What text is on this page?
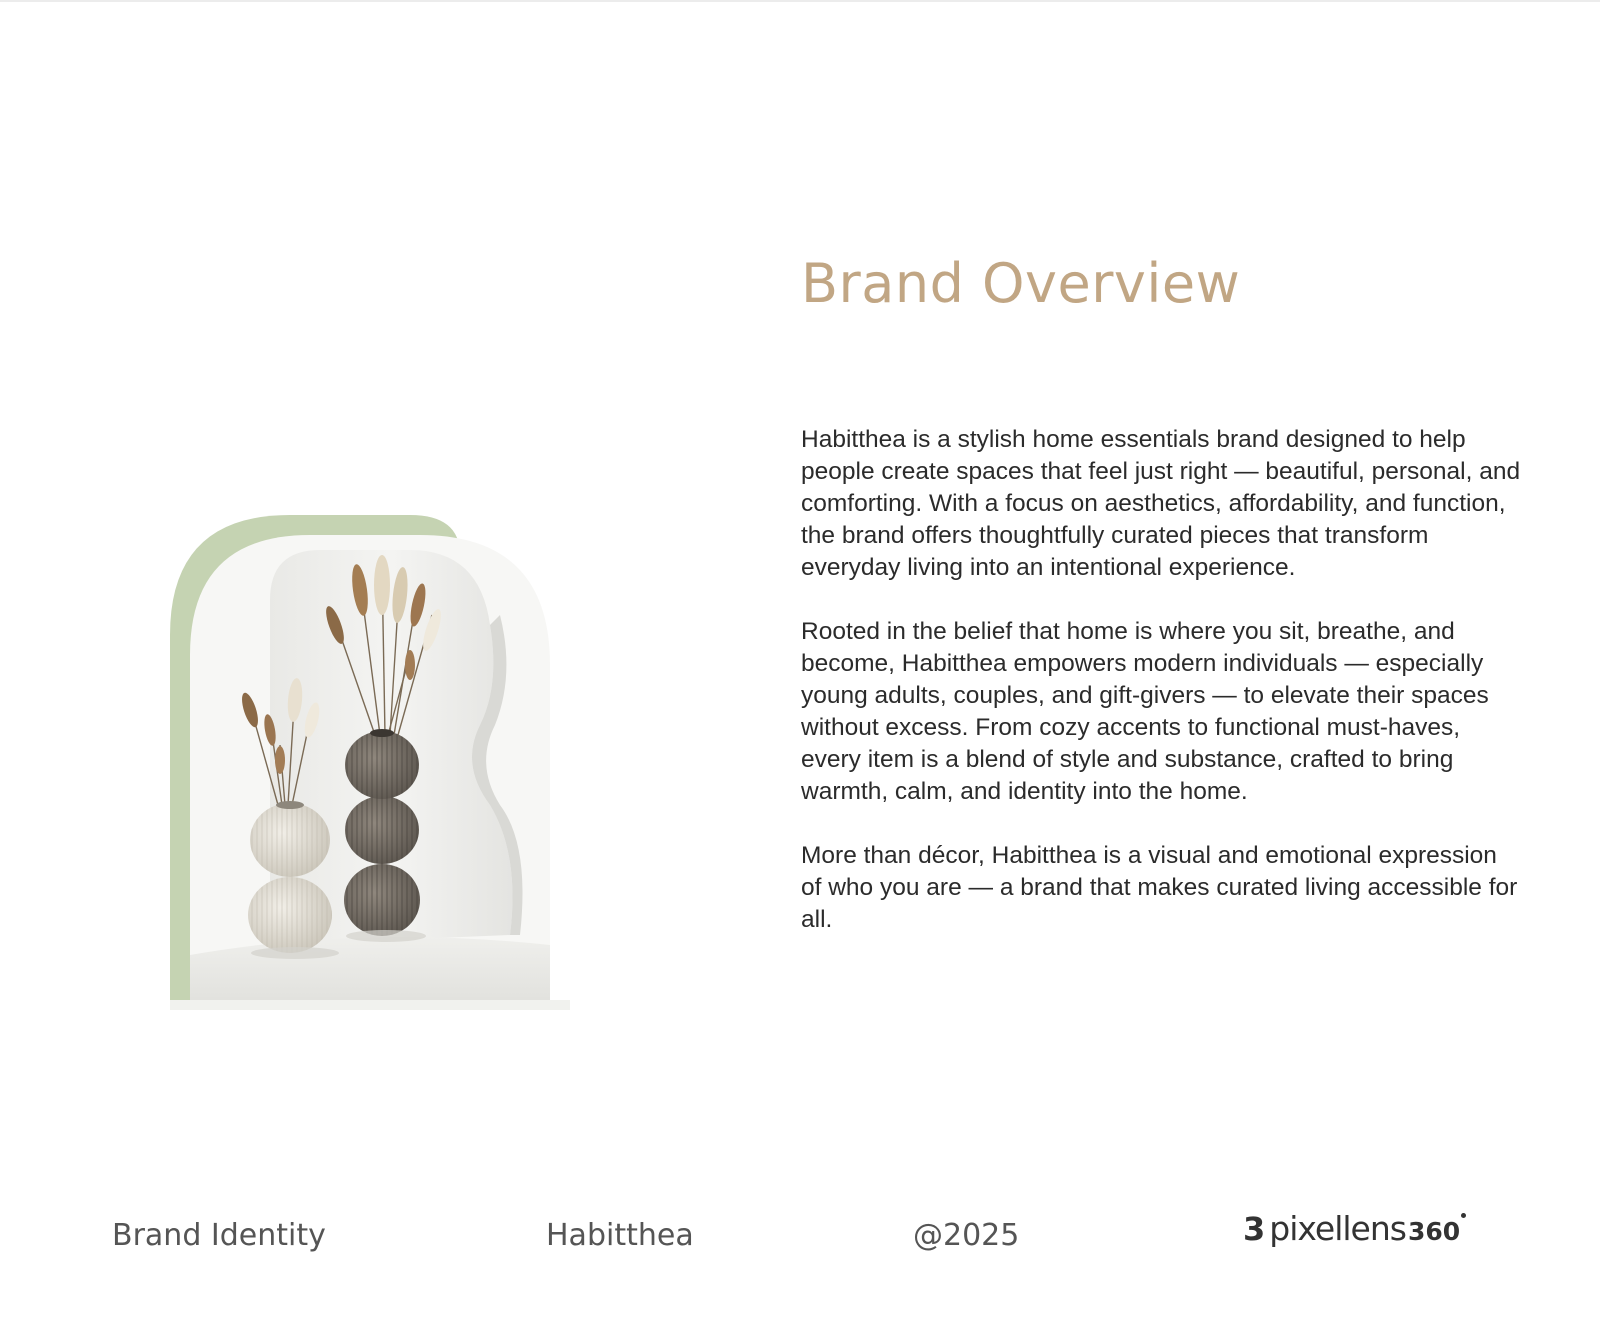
Brand Overview

Habitthea is a stylish home essentials brand designed to help people create spaces that feel just right — beautiful, personal, and comforting. With a focus on aesthetics, affordability, and function, the brand offers thoughtfully curated pieces that transform everyday living into an intentional experience.

Rooted in the belief that home is where you sit, breathe, and become, Habitthea empowers modern individuals — especially young adults, couples, and gift-givers — to elevate their spaces without excess. From cozy accents to functional must-haves, every item is a blend of style and substance, crafted to bring warmth, calm, and identity into the home.

More than décor, Habitthea is a visual and emotional expression of who you are — a brand that makes curated living accessible for all.

Brand Identity	Habitthea	@2025	3 pixellens 360
